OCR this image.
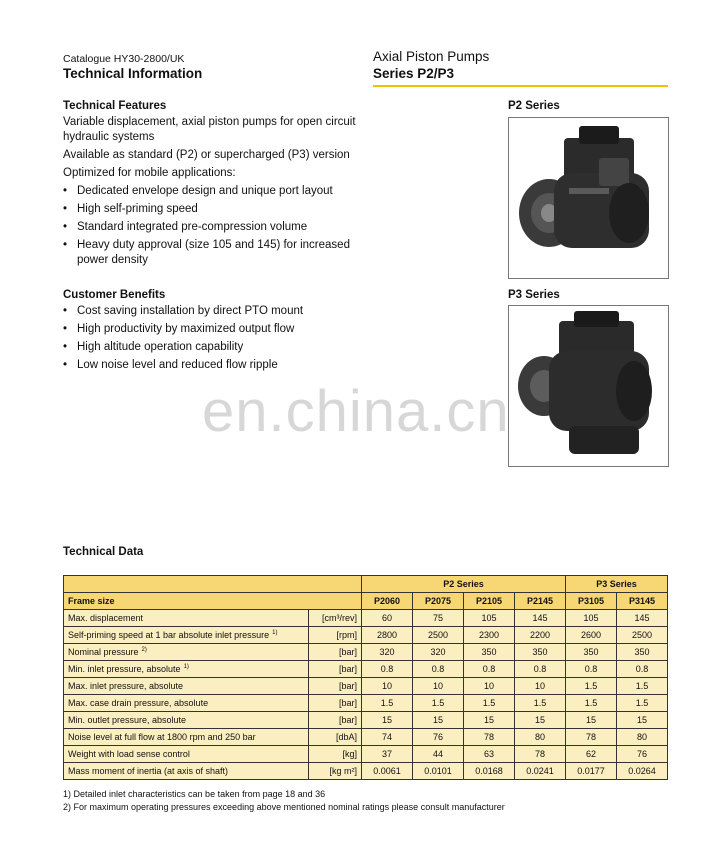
Catalogue HY30-2800/UK
Technical Information
Axial Piston Pumps
Series P2/P3
Technical Features
Variable displacement, axial piston pumps for open circuit hydraulic systems
Available as standard (P2) or supercharged (P3) version
Optimized for mobile applications:
• Dedicated envelope design and unique port layout
• High self-priming speed
• Standard integrated pre-compression volume
• Heavy duty approval (size 105 and 145) for increased power density
Customer Benefits
• Cost saving installation by direct PTO mount
• High productivity by maximized output flow
• High altitude operation capability
• Low noise level and reduced flow ripple
P2 Series
P3 Series
en.china.cn
Technical Data
		P2 Series				P3 Series	
Frame size		P2060	P2075	P2105	P2145	P3105	P3145
Max. displacement	[cm³/rev]	60	75	105	145	105	145
Self-priming speed at 1 bar absolute inlet pressure $^{1)}$	[rpm]	2800	2500	2300	2200	2600	2500
Nominal pressure $^{2)}$	[bar]	320	320	350	350	350	350
Min. inlet pressure, absolute $^{1)}$	[bar]	0.8	0.8	0.8	0.8	0.8	0.8
Max. inlet pressure, absolute	[bar]	10	10	10	10	1.5	1.5
Max. case drain pressure, absolute	[bar]	1.5	1.5	1.5	1.5	1.5	1.5
Min. outlet pressure, absolute	[bar]	15	15	15	15	15	15
Noise level at full flow at 1800 rpm and 250 bar	[dbA]	74	76	78	80	78	80
Weight with load sense control	[kg]	37	44	63	78	62	76
Mass moment of inertia (at axis of shaft)	[kg m²]	0.0061	0.0101	0.0168	0.0241	0.0177	0.0264
1) Detailed inlet characteristics can be taken from page 18 and 36
2) For maximum operating pressures exceeding above mentioned nominal ratings please consult manufacturer
